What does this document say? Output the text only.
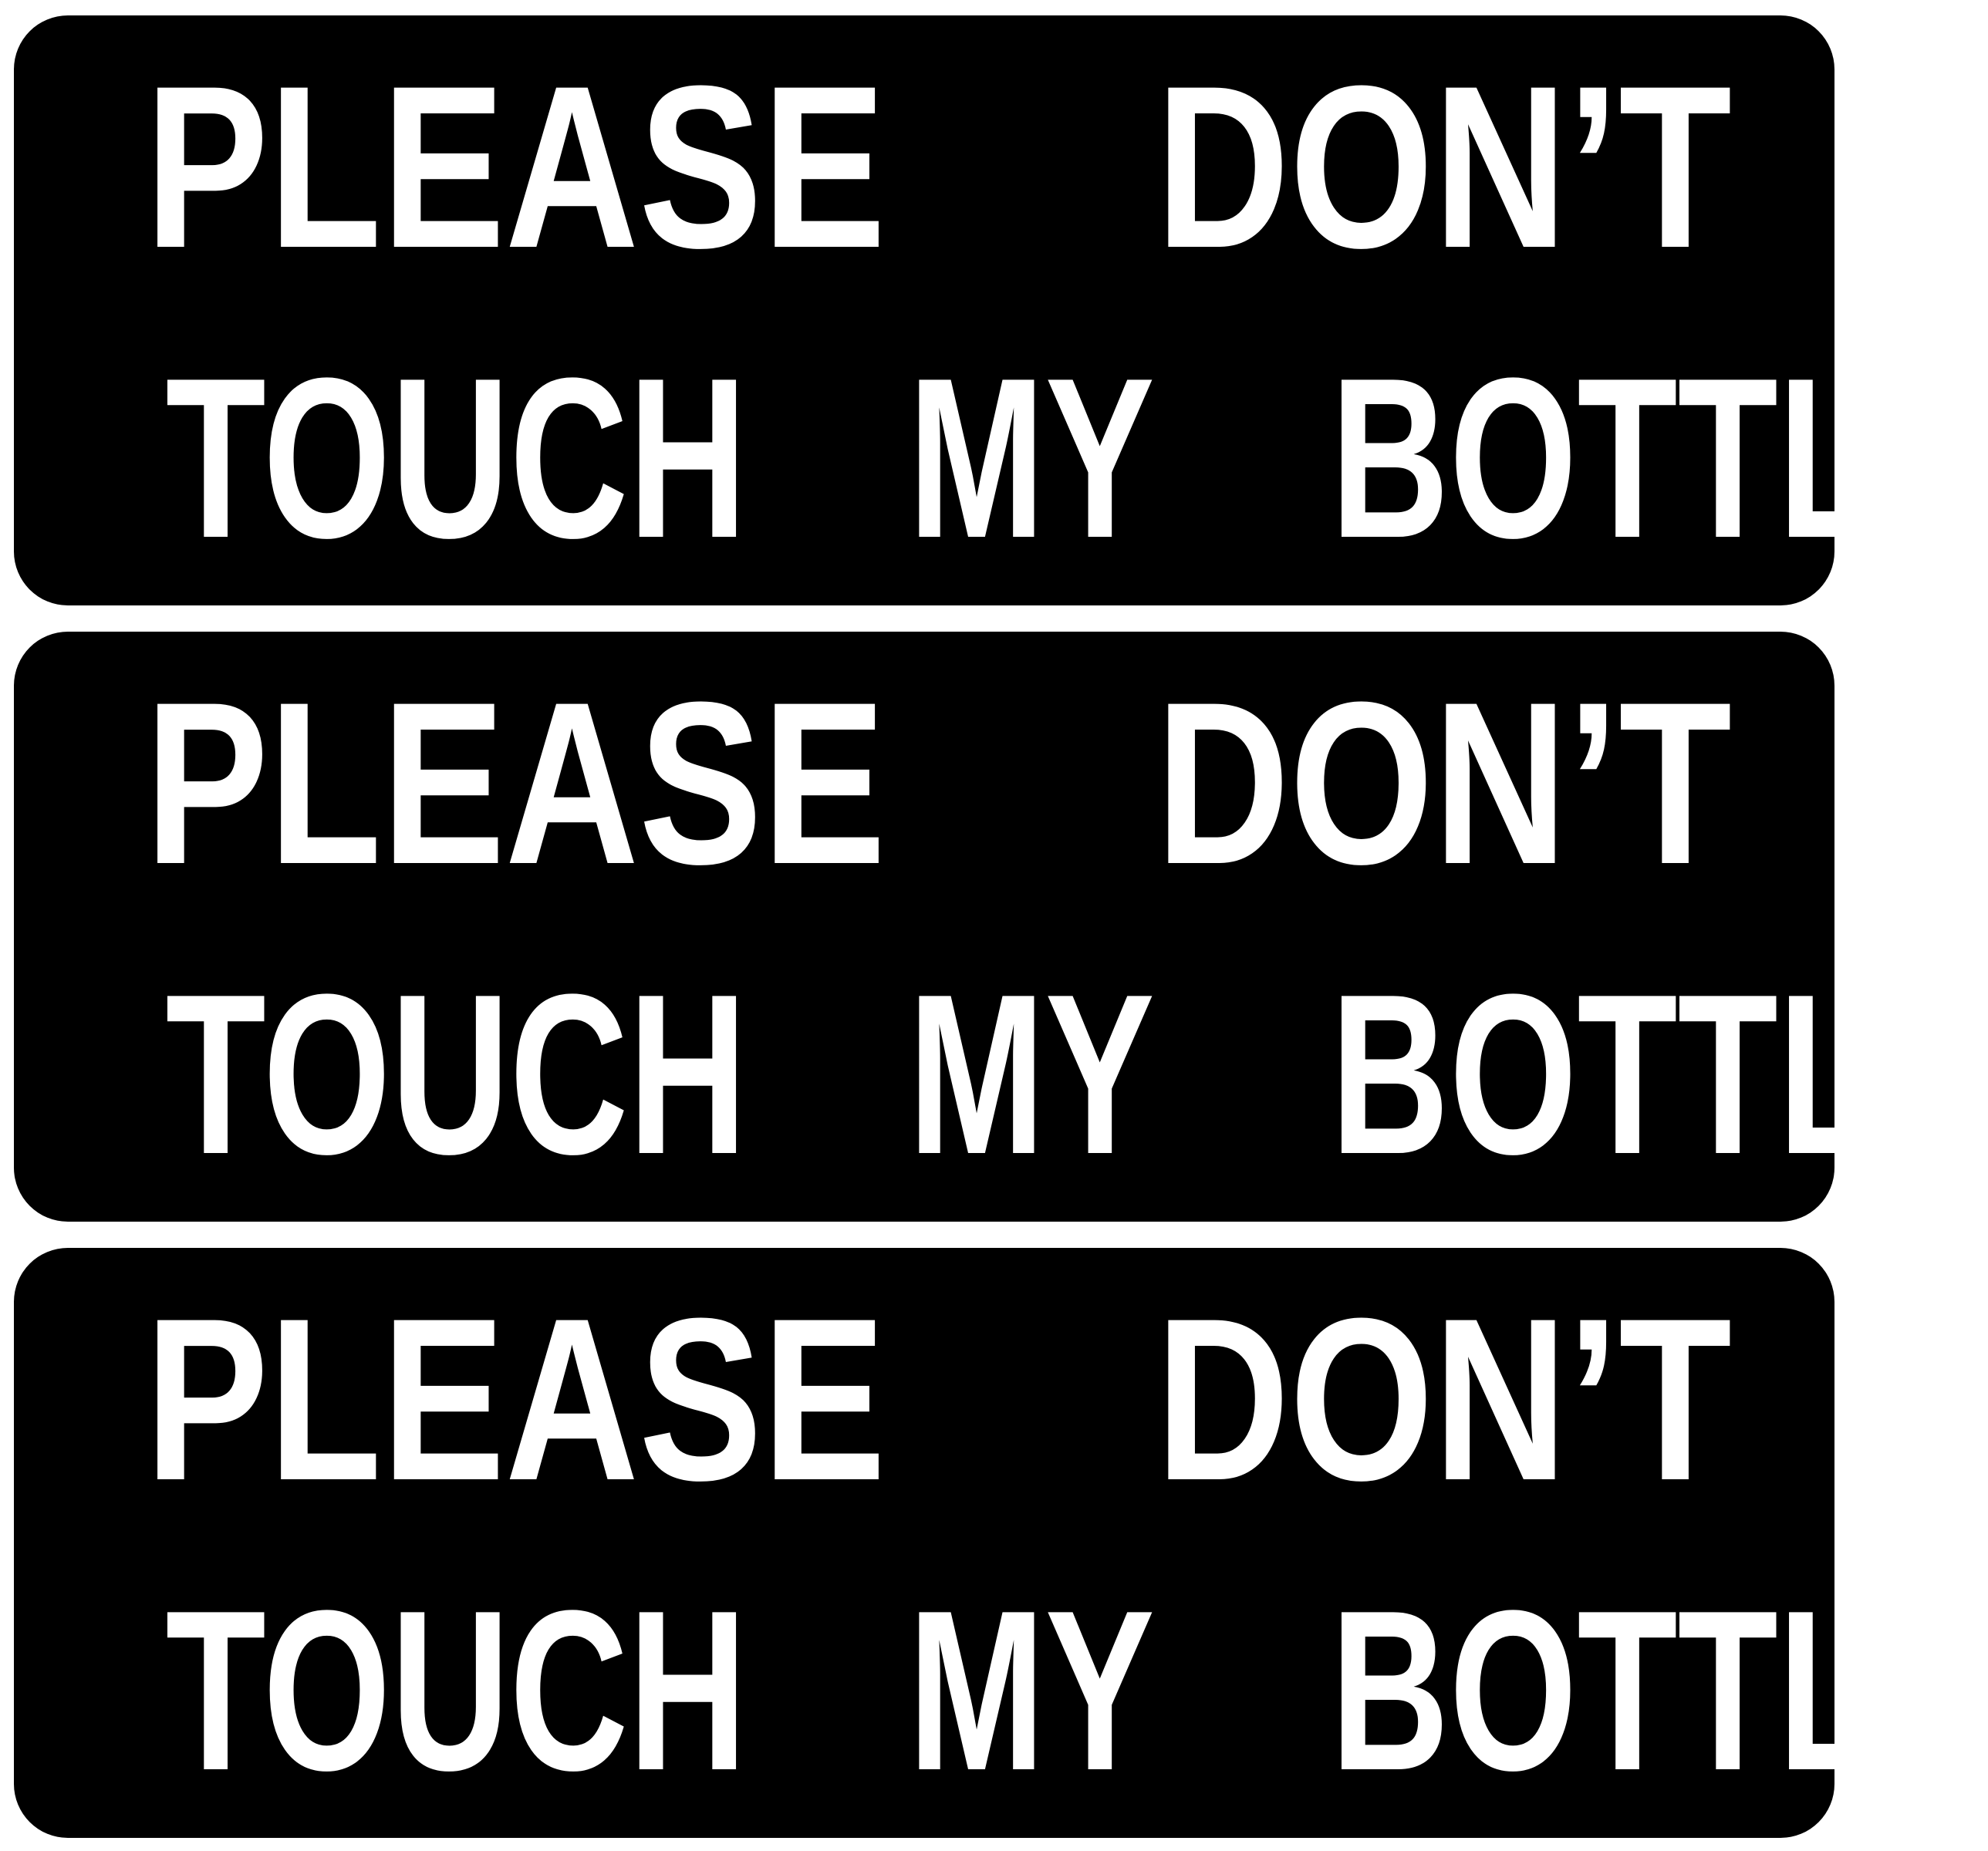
PLEASE DON’T
TOUCH MY BOTTLE
PLEASE DON’T
TOUCH MY BOTTLE
PLEASE DON’T
TOUCH MY BOTTLE
